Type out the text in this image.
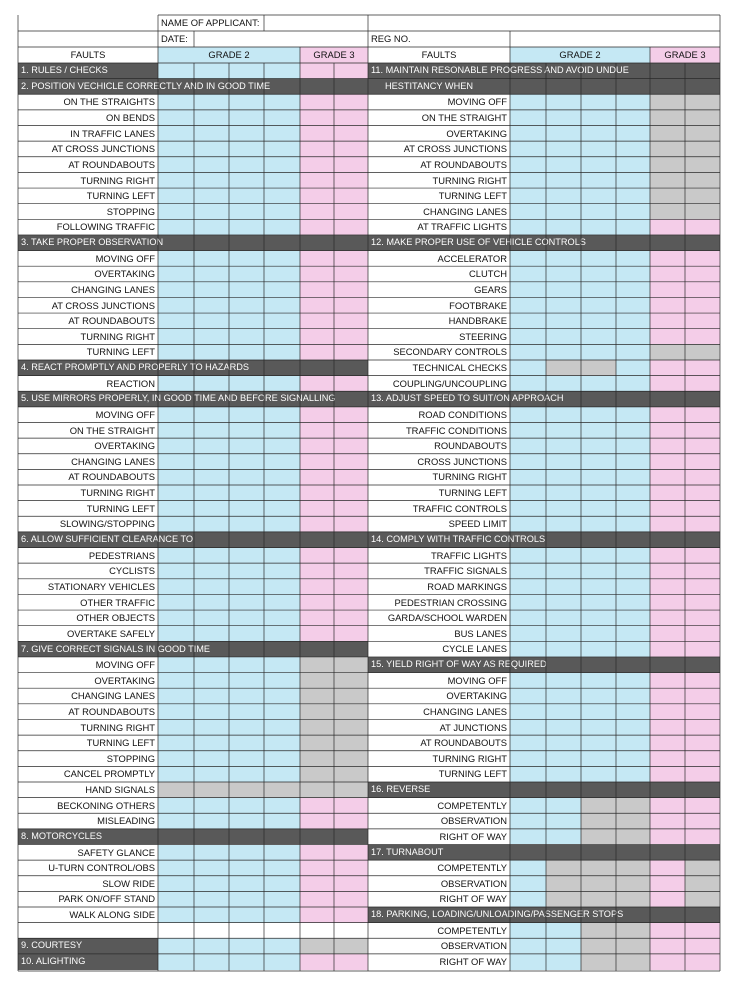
NAME OF APPLICANT:
DATE:	REG NO.
FAULTS	GRADE 2	GRADE 3	FAULTS	GRADE 2	GRADE 3
1. RULES / CHECKS
2. POSITION VECHICLE CORRECTLY AND IN GOOD TIME
ON THE STRAIGHTS
ON BENDS
IN TRAFFIC LANES
AT CROSS JUNCTIONS
AT ROUNDABOUTS
TURNING RIGHT
TURNING LEFT
STOPPING
FOLLOWING TRAFFIC
3. TAKE PROPER OBSERVATION
MOVING OFF
OVERTAKING
CHANGING LANES
AT CROSS JUNCTIONS
AT ROUNDABOUTS
TURNING RIGHT
TURNING LEFT
4. REACT PROMPTLY AND PROPERLY TO HAZARDS
REACTION
5. USE MIRRORS PROPERLY, IN GOOD TIME AND BEFORE SIGNALLING
MOVING OFF
ON THE STRAIGHT
OVERTAKING
CHANGING LANES
AT ROUNDABOUTS
TURNING RIGHT
TURNING LEFT
SLOWING/STOPPING
6. ALLOW SUFFICIENT CLEARANCE TO
PEDESTRIANS
CYCLISTS
STATIONARY VEHICLES
OTHER TRAFFIC
OTHER OBJECTS
OVERTAKE SAFELY
7. GIVE CORRECT SIGNALS IN GOOD TIME
MOVING OFF
OVERTAKING
CHANGING LANES
AT ROUNDABOUTS
TURNING RIGHT
TURNING LEFT
STOPPING
CANCEL PROMPTLY
HAND SIGNALS
BECKONING OTHERS
MISLEADING
8. MOTORCYCLES
SAFETY GLANCE
U-TURN CONTROL/OBS
SLOW RIDE
PARK ON/OFF STAND
WALK ALONG SIDE
9. COURTESY
10. ALIGHTING
11. MAINTAIN RESONABLE PROGRESS AND AVOID UNDUE
HESTITANCY WHEN
MOVING OFF
ON THE STRAIGHT
OVERTAKING
AT CROSS JUNCTIONS
AT ROUNDABOUTS
TURNING RIGHT
TURNING LEFT
CHANGING LANES
AT TRAFFIC LIGHTS
12. MAKE PROPER USE OF VEHICLE CONTROLS
ACCELERATOR
CLUTCH
GEARS
FOOTBRAKE
HANDBRAKE
STEERING
SECONDARY CONTROLS
TECHNICAL CHECKS
COUPLING/UNCOUPLING
13. ADJUST SPEED TO SUIT/ON APPROACH
ROAD CONDITIONS
TRAFFIC CONDITIONS
ROUNDABOUTS
CROSS JUNCTIONS
TURNING RIGHT
TURNING LEFT
TRAFFIC CONTROLS
SPEED LIMIT
14. COMPLY WITH TRAFFIC CONTROLS
TRAFFIC LIGHTS
TRAFFIC SIGNALS
ROAD MARKINGS
PEDESTRIAN CROSSING
GARDA/SCHOOL WARDEN
BUS LANES
CYCLE LANES
15. YIELD RIGHT OF WAY AS REQUIRED
MOVING OFF
OVERTAKING
CHANGING LANES
AT JUNCTIONS
AT ROUNDABOUTS
TURNING RIGHT
TURNING LEFT
16. REVERSE
COMPETENTLY
OBSERVATION
RIGHT OF WAY
17. TURNABOUT
COMPETENTLY
OBSERVATION
RIGHT OF WAY
18. PARKING, LOADING/UNLOADING/PASSENGER STOPS
COMPETENTLY
OBSERVATION
RIGHT OF WAY
